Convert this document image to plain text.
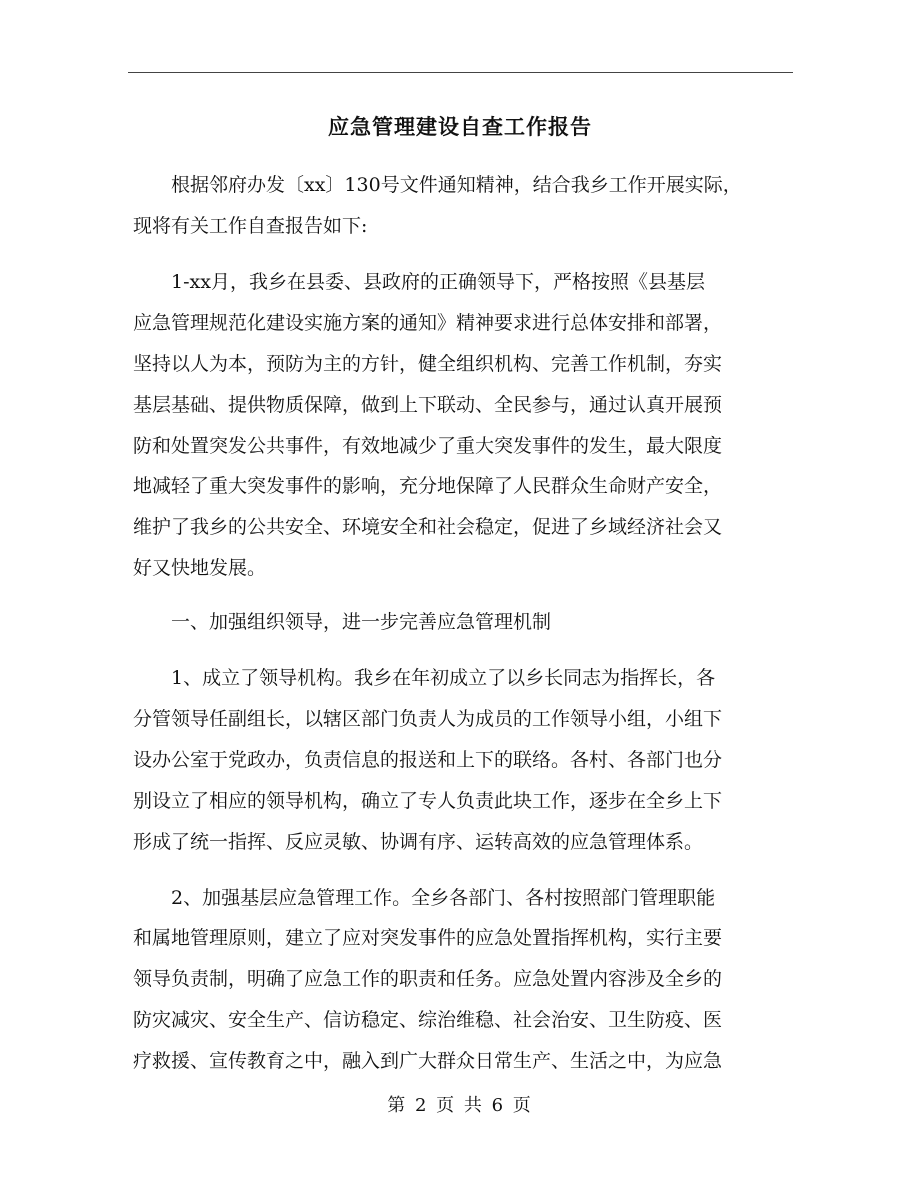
应急管理建设自查工作报告
　　根据邻府办发〔xx〕130号文件通知精神，结合我乡工作开展实际，
现将有关工作自查报告如下:
　　1-xx月，我乡在县委、县政府的正确领导下，严格按照《县基层
应急管理规范化建设实施方案的通知》精神要求进行总体安排和部署，
坚持以人为本，预防为主的方针，健全组织机构、完善工作机制，夯实
基层基础、提供物质保障，做到上下联动、全民参与，通过认真开展预
防和处置突发公共事件，有效地减少了重大突发事件的发生，最大限度
地减轻了重大突发事件的影响，充分地保障了人民群众生命财产安全，
维护了我乡的公共安全、环境安全和社会稳定，促进了乡域经济社会又
好又快地发展。
　　一、加强组织领导，进一步完善应急管理机制
　　1、成立了领导机构。我乡在年初成立了以乡长同志为指挥长，各
分管领导任副组长，以辖区部门负责人为成员的工作领导小组，小组下
设办公室于党政办，负责信息的报送和上下的联络。各村、各部门也分
别设立了相应的领导机构，确立了专人负责此块工作，逐步在全乡上下
形成了统一指挥、反应灵敏、协调有序、运转高效的应急管理体系。
　　2、加强基层应急管理工作。全乡各部门、各村按照部门管理职能
和属地管理原则，建立了应对突发事件的应急处置指挥机构，实行主要
领导负责制，明确了应急工作的职责和任务。应急处置内容涉及全乡的
防灾减灾、安全生产、信访稳定、综治维稳、社会治安、卫生防疫、医
疗救援、宣传教育之中，融入到广大群众日常生产、生活之中，为应急
第 2 页 共 6 页
